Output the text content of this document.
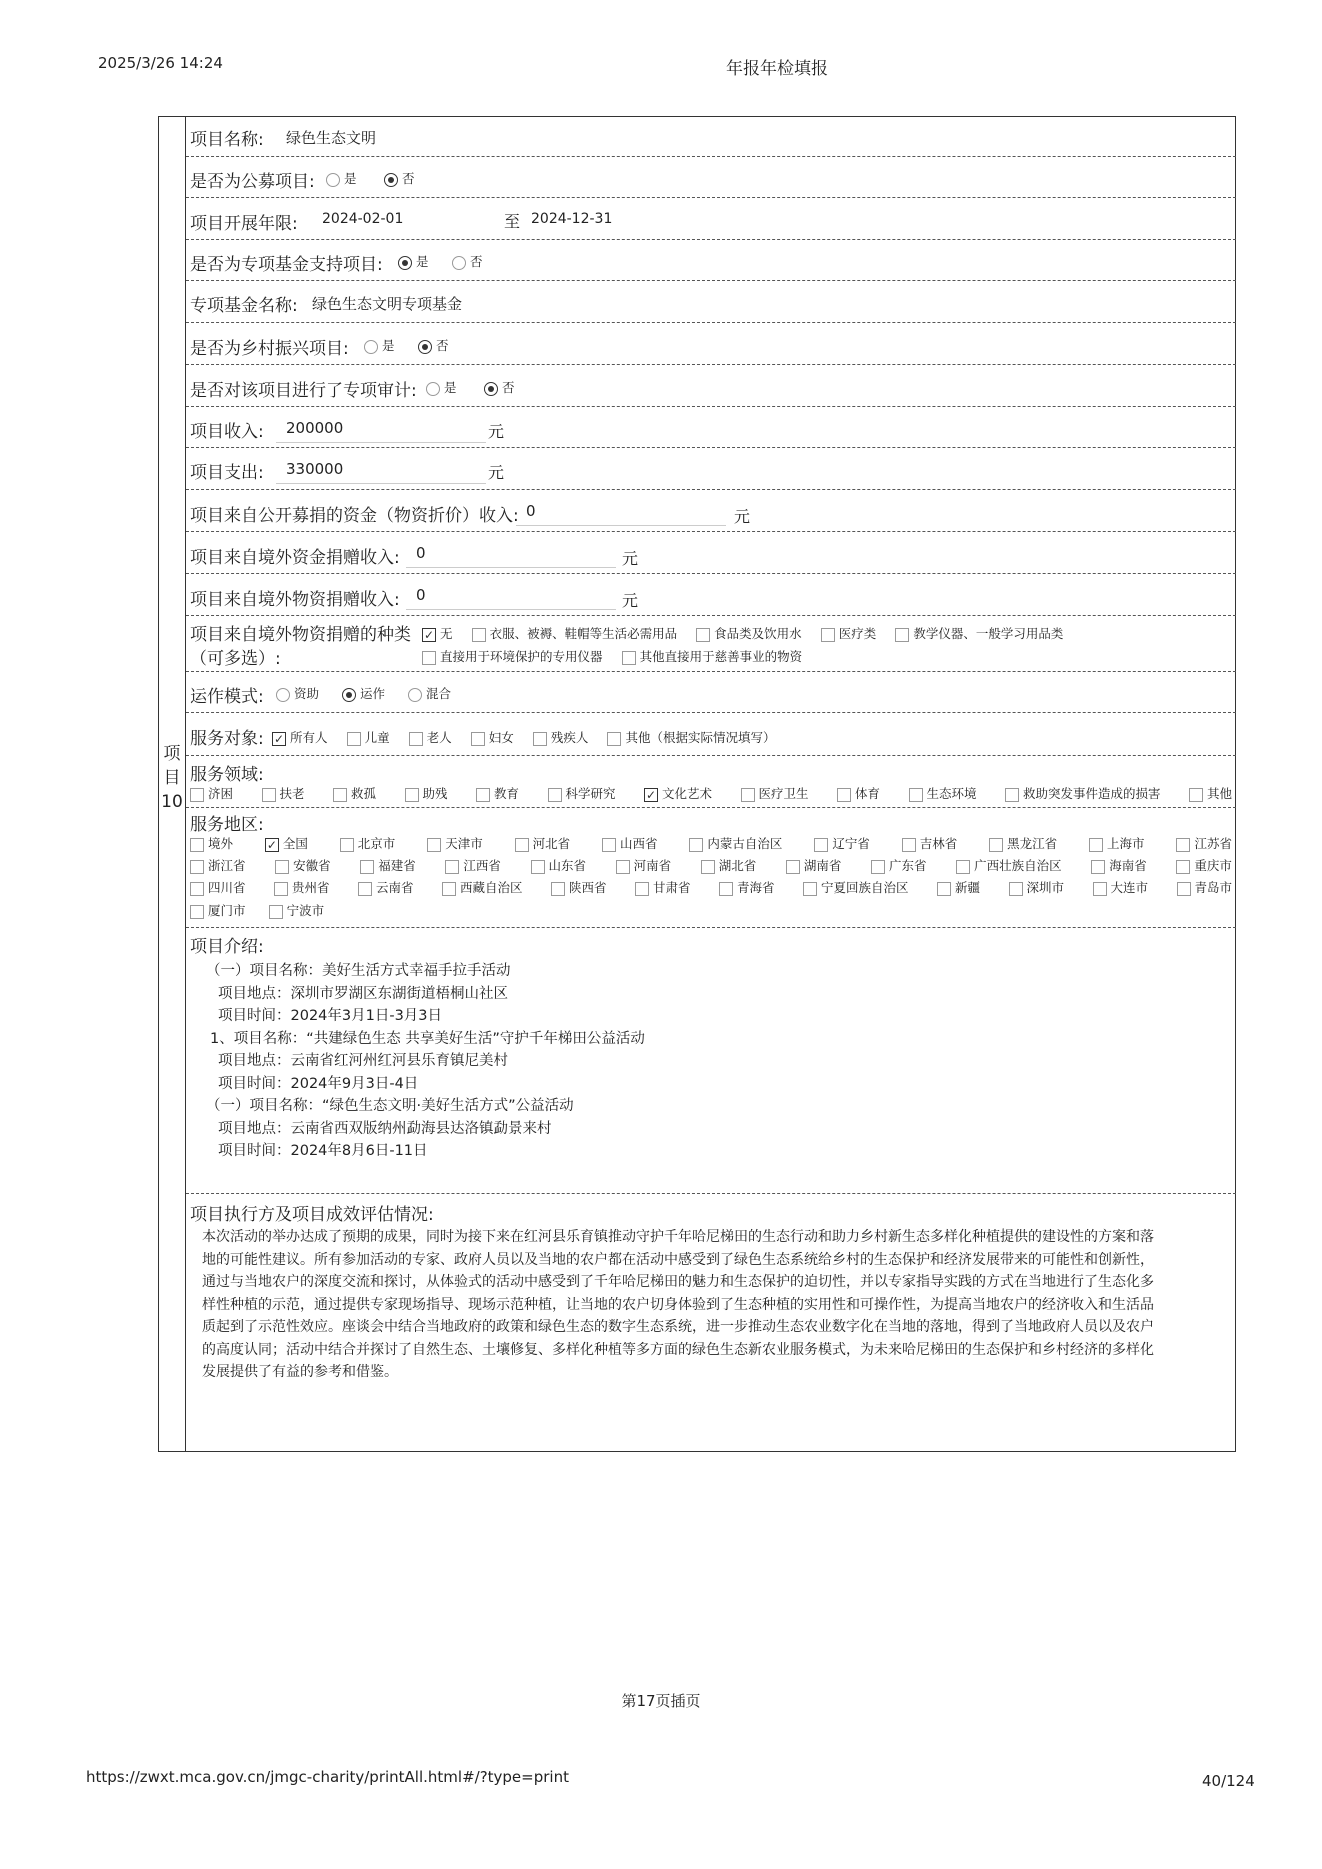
2025/3/26 14:24	年报年检填报
项
目
10
项目名称: 绿色生态文明
是否为公募项目:	是	否
项目开展年限: 2024-02-01	至 2024-12-31
是否为专项基金支持项目:	是	否
专项基金名称: 绿色生态文明专项基金
是否为乡村振兴项目:	是	否
是否对该项目进行了专项审计:	是	否
项目收入:	200000	元
项目支出:	330000	元
项目来自公开募捐的资金（物资折价）收入: 0	元
项目来自境外资金捐赠收入:	0	元
项目来自境外物资捐赠收入:	0	元
项目来自境外物资捐赠的种类
（可多选）:
✓ 无	衣服、被褥、鞋帽等生活必需用品	食品类及饮用水	医疗类	教学仪器、一般学习用品类
直接用于环境保护的专用仪器	其他直接用于慈善事业的物资
运作模式:	资助	运作	混合
服务对象: ✓ 所有人	儿童	老人	妇女	残疾人	其他（根据实际情况填写）
服务领域:
济困	扶老	救孤	助残	教育	科学研究	✓ 文化艺术	医疗卫生	体育	生态环境	救助突发事件造成的损害	其他
服务地区:
境外	✓ 全国	北京市	天津市	河北省	山西省	内蒙古自治区	辽宁省	吉林省	黑龙江省	上海市	江苏省
浙江省	安徽省	福建省	江西省	山东省	河南省	湖北省	湖南省	广东省	广西壮族自治区	海南省	重庆市
四川省	贵州省	云南省	西藏自治区	陕西省	甘肃省	青海省	宁夏回族自治区	新疆	深圳市	大连市	青岛市
厦门市	宁波市
项目介绍:
（一）项目名称：美好生活方式幸福手拉手活动
项目地点：深圳市罗湖区东湖街道梧桐山社区
项目时间：2024年3月1日-3月3日
1、项目名称：“共建绿色生态 共享美好生活”守护千年梯田公益活动
项目地点：云南省红河州红河县乐育镇尼美村
项目时间：2024年9月3日-4日
（一）项目名称：“绿色生态文明·美好生活方式”公益活动
项目地点：云南省西双版纳州勐海县达洛镇勐景来村
项目时间：2024年8月6日-11日
项目执行方及项目成效评估情况:
本次活动的举办达成了预期的成果，同时为接下来在红河县乐育镇推动守护千年哈尼梯田的生态行动和助力乡村新生态多样化种植提供的建设性的方案和落
地的可能性建议。所有参加活动的专家、政府人员以及当地的农户都在活动中感受到了绿色生态系统给乡村的生态保护和经济发展带来的可能性和创新性，
通过与当地农户的深度交流和探讨，从体验式的活动中感受到了千年哈尼梯田的魅力和生态保护的迫切性，并以专家指导实践的方式在当地进行了生态化多
样性种植的示范，通过提供专家现场指导、现场示范种植，让当地的农户切身体验到了生态种植的实用性和可操作性，为提高当地农户的经济收入和生活品
质起到了示范性效应。座谈会中结合当地政府的政策和绿色生态的数字生态系统，进一步推动生态农业数字化在当地的落地，得到了当地政府人员以及农户
的高度认同；活动中结合并探讨了自然生态、土壤修复、多样化种植等多方面的绿色生态新农业服务模式，为未来哈尼梯田的生态保护和乡村经济的多样化
发展提供了有益的参考和借鉴。
第17页插页
https://zwxt.mca.gov.cn/jmgc-charity/printAll.html#/?type=print	40/124
